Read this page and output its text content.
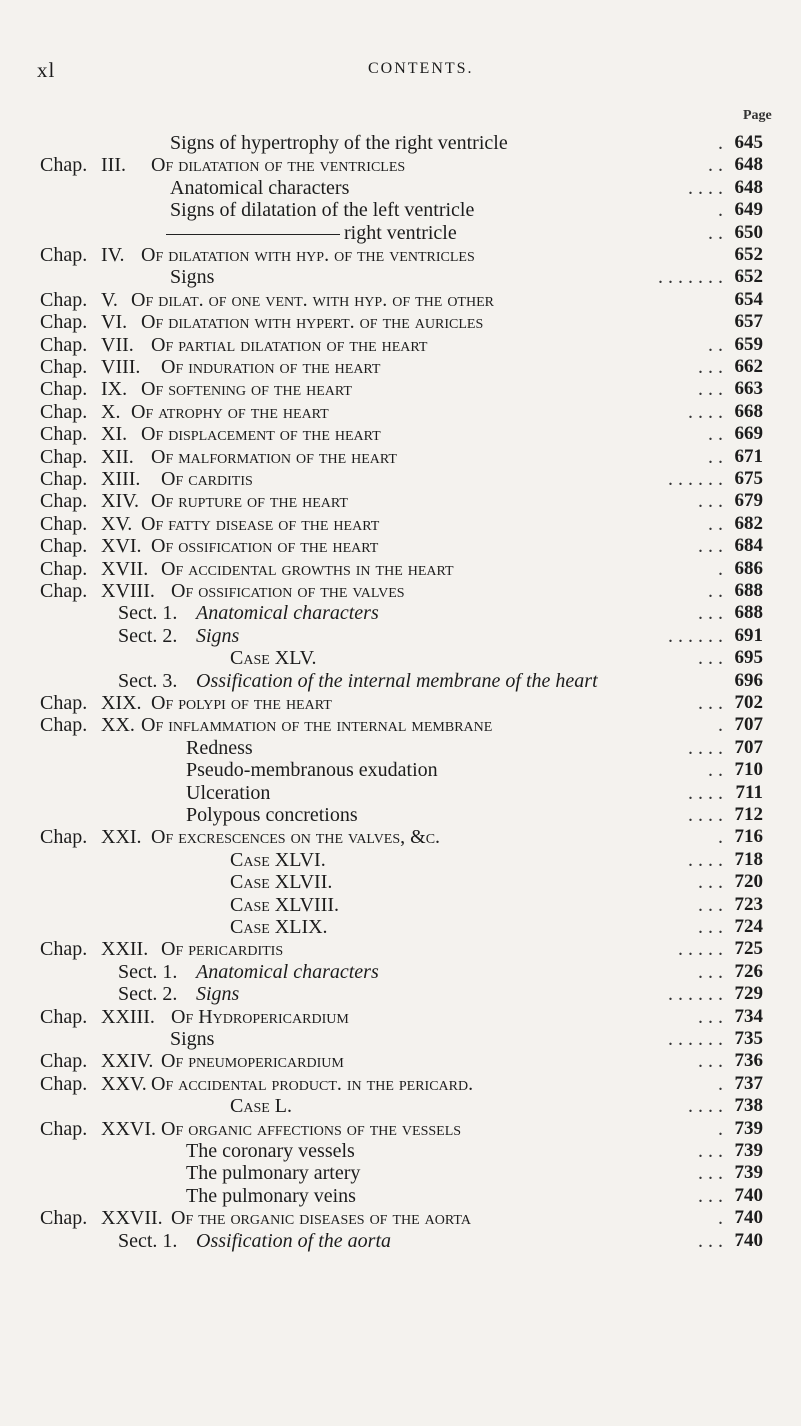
xl	CONTENTS.
Page
Signs of hypertrophy of the right ventricle	. 645
Chap. III. Of dilatation of the ventricles	. . 648
Anatomical characters	. . . . 648
Signs of dilatation of the left ventricle	. 649
right ventricle	. . 650
Chap. IV. Of dilatation with hyp. of the ventricles	652
Signs	. . . . . . . 652
Chap. V. Of dilat. of one vent. with hyp. of the other	654
Chap. VI. Of dilatation with hypert. of the auricles	657
Chap. VII. Of partial dilatation of the heart	. . 659
Chap. VIII. Of induration of the heart	. . . 662
Chap. IX. Of softening of the heart	. . . 663
Chap. X. Of atrophy of the heart	. . . . 668
Chap. XI. Of displacement of the heart	. . 669
Chap. XII. Of malformation of the heart	. . 671
Chap. XIII. Of carditis	. . . . . . 675
Chap. XIV. Of rupture of the heart	. . . 679
Chap. XV. Of fatty disease of the heart	. . 682
Chap. XVI. Of ossification of the heart	. . . 684
Chap. XVII. Of accidental growths in the heart	. 686
Chap. XVIII. Of ossification of the valves	. . 688
Sect. 1. Anatomical characters	. . . 688
Sect. 2. Signs	. . . . . . 691
Case XLV.	. . . 695
Sect. 3. Ossification of the internal membrane of the heart	696
Chap. XIX. Of polypi of the heart	. . . 702
Chap. XX. Of inflammation of the internal membrane	. 707
Redness	. . . . 707
Pseudo-membranous exudation	. . 710
Ulceration	. . . . 711
Polypous concretions	. . . . 712
Chap. XXI. Of excrescences on the valves, &c.	. 716
Case XLVI.	. . . . 718
Case XLVII.	. . . 720
Case XLVIII.	. . . 723
Case XLIX.	. . . 724
Chap. XXII. Of pericarditis	. . . . . 725
Sect. 1. Anatomical characters	. . . 726
Sect. 2. Signs	. . . . . . 729
Chap. XXIII. Of Hydropericardium	. . . 734
Signs	. . . . . . 735
Chap. XXIV. Of pneumopericardium	. . . 736
Chap. XXV. Of accidental product. in the pericard.	. 737
Case L.	. . . . 738
Chap. XXVI. Of organic affections of the vessels	. 739
The coronary vessels	. . . 739
The pulmonary artery	. . . 739
The pulmonary veins	. . . 740
Chap. XXVII. Of the organic diseases of the aorta	. 740
Sect. 1. Ossification of the aorta	. . . 740
